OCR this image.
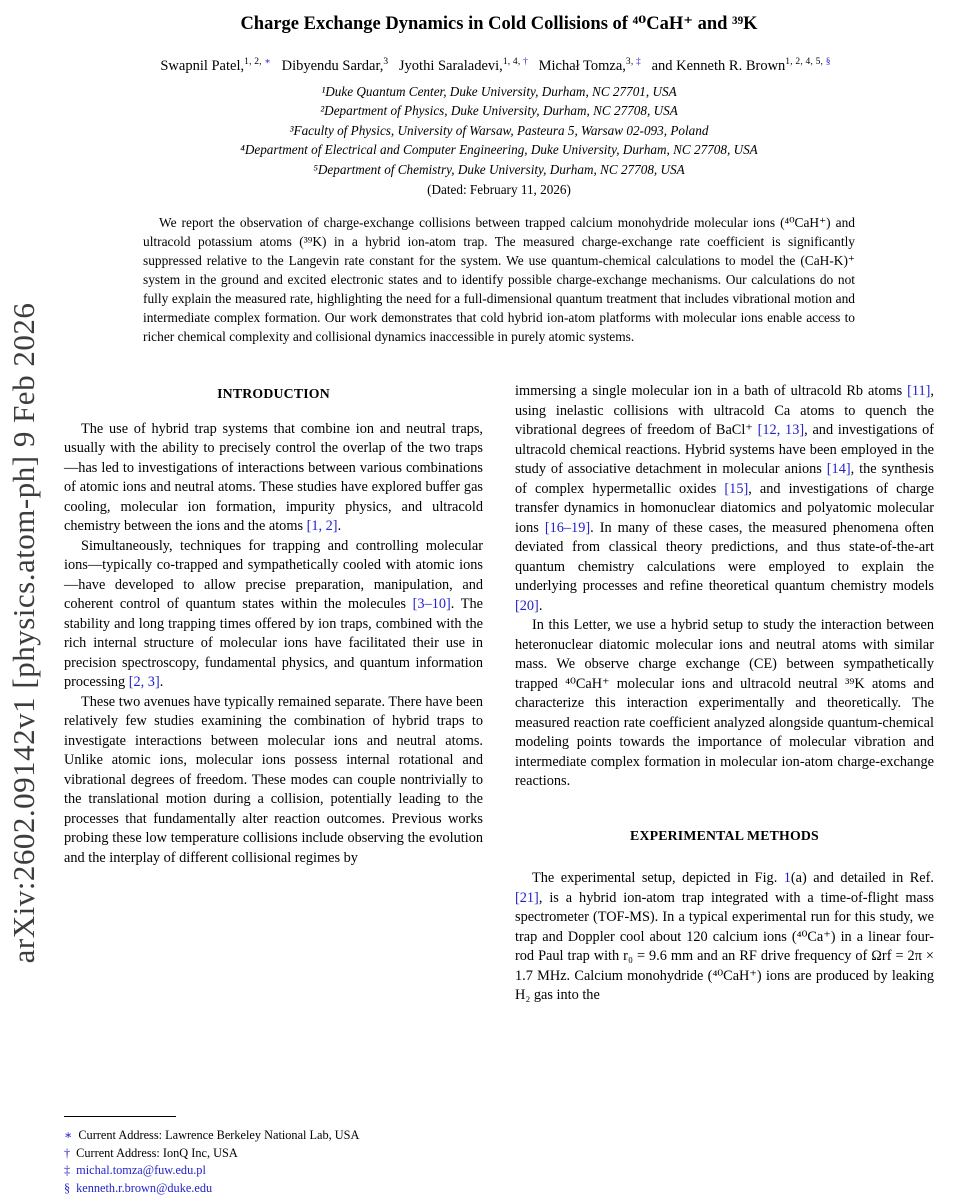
arXiv:2602.09142v1 [physics.atom-ph] 9 Feb 2026
Charge Exchange Dynamics in Cold Collisions of ⁴⁰CaH⁺ and ³⁹K
Swapnil Patel,$^{1, 2, ∗}$ Dibyendu Sardar,$^3$ Jyothi Saraladevi,$^{1, 4, \dagger}$ Michał Tomza,$^{3, \ddagger}$ and Kenneth R. Brown$^{1, 2, 4, 5, \S}$
¹Duke Quantum Center, Duke University, Durham, NC 27701, USA
²Department of Physics, Duke University, Durham, NC 27708, USA
³Faculty of Physics, University of Warsaw, Pasteura 5, Warsaw 02-093, Poland
⁴Department of Electrical and Computer Engineering, Duke University, Durham, NC 27708, USA
⁵Department of Chemistry, Duke University, Durham, NC 27708, USA
(Dated: February 11, 2026)

We report the observation of charge-exchange collisions between trapped calcium monohydride molecular ions (⁴⁰CaH⁺) and ultracold potassium atoms (³⁹K) in a hybrid ion-atom trap. The measured charge-exchange rate coefficient is significantly suppressed relative to the Langevin rate constant for the system. We use quantum-chemical calculations to model the (CaH-K)⁺ system in the ground and excited electronic states and to identify possible charge-exchange mechanisms. Our calculations do not fully explain the measured rate, highlighting the need for a full-dimensional quantum treatment that includes vibrational motion and intermediate complex formation. Our work demonstrates that cold hybrid ion-atom platforms with molecular ions enable access to richer chemical complexity and collisional dynamics inaccessible in purely atomic systems.

INTRODUCTION

The use of hybrid trap systems that combine ion and neutral traps, usually with the ability to precisely control the overlap of the two traps—has led to investigations of interactions between various combinations of atomic ions and neutral atoms. These studies have explored buffer gas cooling, molecular ion formation, impurity physics, and ultracold chemistry between the ions and the atoms [1, 2].

Simultaneously, techniques for trapping and controlling molecular ions—typically co-trapped and sympathetically cooled with atomic ions—have developed to allow precise preparation, manipulation, and coherent control of quantum states within the molecules [3–10]. The stability and long trapping times offered by ion traps, combined with the rich internal structure of molecular ions have facilitated their use in precision spectroscopy, fundamental physics, and quantum information processing [2, 3].

These two avenues have typically remained separate. There have been relatively few studies examining the combination of hybrid traps to investigate interactions between molecular ions and neutral atoms. Unlike atomic ions, molecular ions possess internal rotational and vibrational degrees of freedom. These modes can couple nontrivially to the translational motion during a collision, potentially leading to the processes that fundamentally alter reaction outcomes. Previous works probing these low temperature collisions include observing the evolution and the interplay of different collisional regimes by

immersing a single molecular ion in a bath of ultracold Rb atoms [11], using inelastic collisions with ultracold Ca atoms to quench the vibrational degrees of freedom of BaCl⁺ [12, 13], and investigations of ultracold chemical reactions. Hybrid systems have been employed in the study of associative detachment in molecular anions [14], the synthesis of complex hypermetallic oxides [15], and investigations of charge transfer dynamics in homonuclear diatomics and polyatomic molecular ions [16–19]. In many of these cases, the measured phenomena often deviated from classical theory predictions, and thus state-of-the-art quantum chemistry calculations were employed to explain the underlying processes and refine theoretical quantum chemistry models [20].

In this Letter, we use a hybrid setup to study the interaction between heteronuclear diatomic molecular ions and neutral atoms with similar mass. We observe charge exchange (CE) between sympathetically trapped ⁴⁰CaH⁺ molecular ions and ultracold neutral ³⁹K atoms and characterize this interaction experimentally and theoretically. The measured reaction rate coefficient analyzed alongside quantum-chemical modeling points towards the importance of molecular vibration and intermediate complex formation in molecular ion-atom charge-exchange reactions.

EXPERIMENTAL METHODS

The experimental setup, depicted in Fig. 1(a) and detailed in Ref. [21], is a hybrid ion-atom trap integrated with a time-of-flight mass spectrometer (TOF-MS). In a typical experimental run for this study, we trap and Doppler cool about 120 calcium ions (⁴⁰Ca⁺) in a linear four-rod Paul trap with r₀ = 9.6 mm and an RF drive frequency of Ωrf = 2π × 1.7 MHz. Calcium monohydride (⁴⁰CaH⁺) ions are produced by leaking H₂ gas into the

∗ Current Address: Lawrence Berkeley National Lab, USA
† Current Address: IonQ Inc, USA
‡ michal.tomza@fuw.edu.pl
§ kenneth.r.brown@duke.edu
